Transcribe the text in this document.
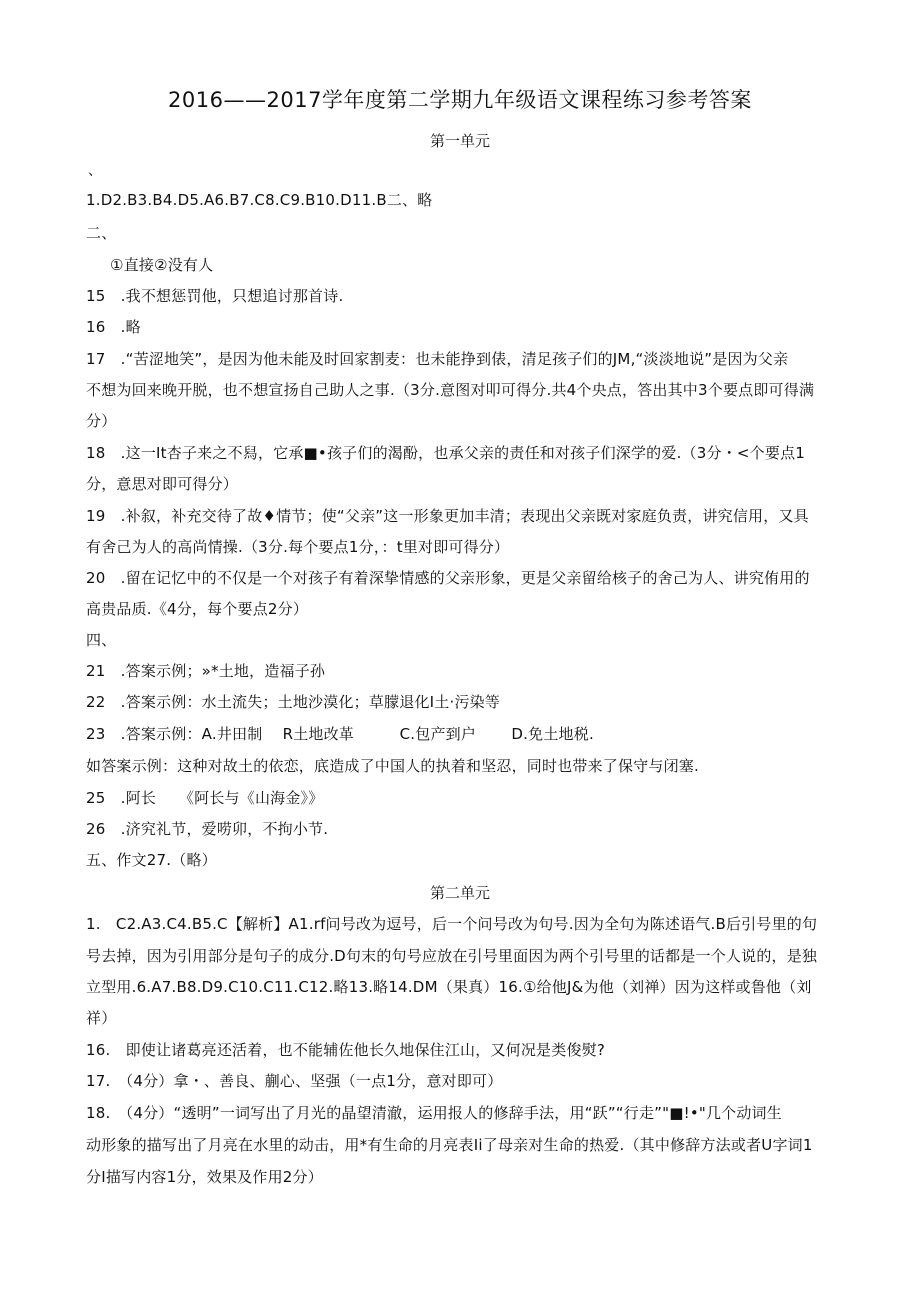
2016——2017学年度第二学期九年级语文课程练习参考答案
第一单元
、
1.D2.B3.B4.D5.A6.B7.C8.C9.B10.D11.B二、略
二、
①直接②没有人
15　.我不想惩罚他，只想追讨那首诗.
16　.略
17　.“苦涩地笑”，是因为他未能及时回家割麦：也未能挣到俵，清足孩子们的JM,“淡淡地说”是因为父亲
不想为回来晚开脱，也不想宣扬自己助人之事.（3分.意图对叩可得分.共4个央点，答出其中3个要点即可得满
分）
18　.这一It杏子来之不舄，它承■•孩子们的渴酚，也承父亲的责任和对孩子们深学的爱.（3分・<个要点1
分，意思对即可得分）
19　.补叙，补充交待了故♦情节；使“父亲”这一形象更加丰清；表现出父亲既对家庭负责，讲究信用，又具
有舍己为人的高尚情操.（3分.每个要点1分，：t里对即可得分）
20　.留在记忆中的不仅是一个对孩子有着深挚情感的父亲形象，更是父亲留给核子的舍己为人、讲究侑用的
高贵品质.《4分，每个要点2分）
四、
21　.答案示例；»*土地，造福子孙
22　.答案示例：水土流失；土地沙漠化；草朦退化I土·污染等
23　.答案示例：A.井田制　 R土地改革　　　C.包产到户　　 D.免土地税.
如答案示例：这种对故土的依恋，底造成了中国人的执着和坚忍，同时也带来了保守与闭塞.
25　.阿长　　《阿长与《山海金》》
26　.济究礼节，爱唠卯，不拘小节.
五、作文27.（略）
第二单元
1.　C2.A3.C4.B5.C【解析】A1.rf问号改为逗号，后一个问号改为句号.因为全句为陈述语气.B后引号里的句
号去掉，因为引用部分是句子的成分.D句末的句号应放在引号里面因为两个引号里的话都是一个人说的，是独
立型用.6.A7.B8.D9.C10.C11.C12.略13.略14.DM（果真）16.①给他J&为他（刘禅）因为这样或鲁他（刘
祥）
16.　即使让诸葛亮还活着，也不能辅佐他长久地保住江山，又何况是类俊熨?
17.　（4分）拿・、善良、蒯心、坚强（一点1分，意对即可）
18.　（4分）“透明”一词写出了月光的晶望清澈，运用报人的修辞手法，用“跃”“行走”"■!•"几个动词生
动形象的描写出了月亮在水里的动击，用*有生命的月亮表Ii了母亲对生命的热爱.（其中修辞方法或者U字词1
分I描写内容1分，效果及作用2分）
